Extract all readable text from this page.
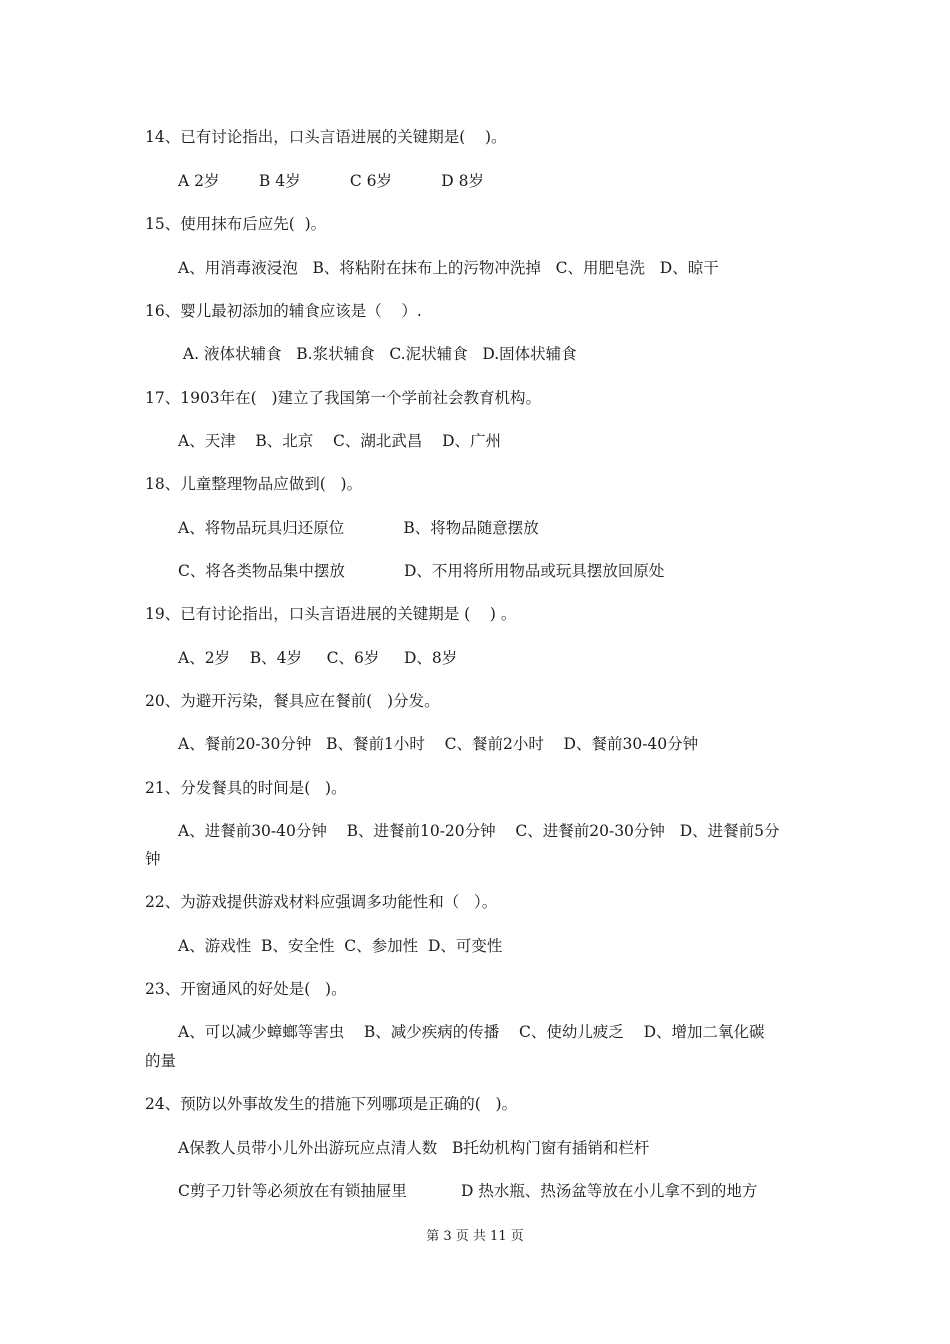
14、已有讨论指出，口头言语进展的关键期是(    )。
A 2岁        B 4岁          C 6岁          D 8岁
15、使用抹布后应先(  )。
A、用消毒液浸泡   B、将粘附在抹布上的污物冲洗掉   C、用肥皂洗   D、晾干
16、婴儿最初添加的辅食应该是（    ）.
A. 液体状辅食   B.浆状辅食   C.泥状辅食   D.固体状辅食
17、1903年在(   )建立了我国第一个学前社会教育机构。
A、天津    B、北京    C、湖北武昌    D、广州
18、儿童整理物品应做到(   )。
A、将物品玩具归还原位            B、将物品随意摆放
C、将各类物品集中摆放            D、不用将所用物品或玩具摆放回原处
19、已有讨论指出，口头言语进展的关键期是 (    ) 。
A、2岁    B、4岁     C、6岁     D、8岁
20、为避开污染，餐具应在餐前(   )分发。
A、餐前20-30分钟   B、餐前1小时    C、餐前2小时    D、餐前30-40分钟
21、分发餐具的时间是(   )。
A、进餐前30-40分钟    B、进餐前10-20分钟    C、进餐前20-30分钟   D、进餐前5分
钟
22、为游戏提供游戏材料应强调多功能性和（   ）。
A、游戏性  B、安全性  C、参加性  D、可变性
23、开窗通风的好处是(   )。
A、可以减少蟑螂等害虫    B、减少疾病的传播    C、使幼儿疲乏    D、增加二氧化碳
的量
24、预防以外事故发生的措施下列哪项是正确的(   )。
A保教人员带小儿外出游玩应点清人数   B托幼机构门窗有插销和栏杆
C剪子刀针等必须放在有锁抽屉里           D 热水瓶、热汤盆等放在小儿拿不到的地方
第 3 页 共 11 页
